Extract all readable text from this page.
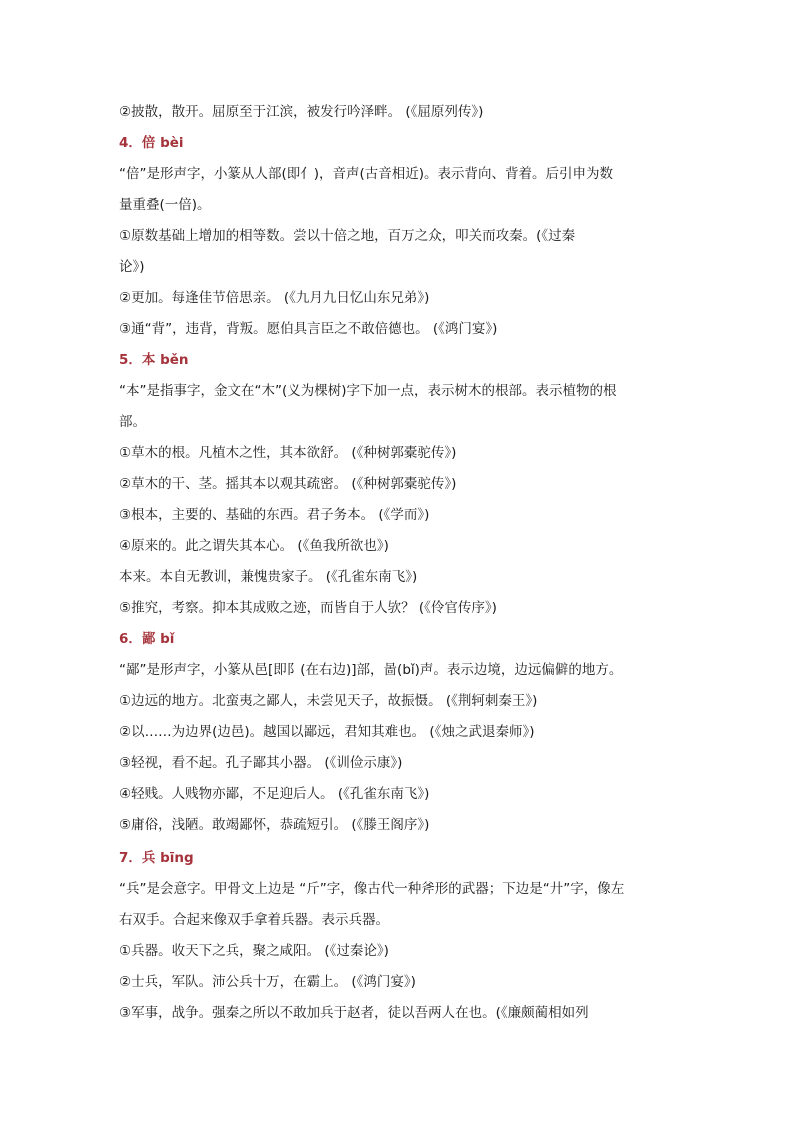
②披散，散开。屈原至于江滨，被发行吟泽畔。 (《屈原列传》)
4．倍 bèi
“倍”是形声字，小篆从人部(即亻)，音声(古音相近)。表示背向、背着。后引申为数
量重叠(一倍)。
①原数基础上增加的相等数。尝以十倍之地，百万之众，叩关而攻秦。(《过秦
论》)
②更加。每逢佳节倍思亲。 (《九月九日忆山东兄弟》)
③通“背”，违背，背叛。愿伯具言臣之不敢倍德也。 (《鸿门宴》)
5．本 běn
“本”是指事字，金文在“木”(义为棵树)字下加一点，表示树木的根部。表示植物的根
部。
①草木的根。凡植木之性，其本欲舒。 (《种树郭橐驼传》)
②草木的干、茎。摇其本以观其疏密。 (《种树郭橐驼传》)
③根本，主要的、基础的东西。君子务本。 (《学而》)
④原来的。此之谓失其本心。 (《鱼我所欲也》)
本来。本自无教训，兼愧贵家子。 (《孔雀东南飞》)
⑤推究，考察。抑本其成败之迹，而皆自于人欤？ (《伶官传序》)
6．鄙 bǐ
“鄙”是形声字，小篆从邑[即阝(在右边)]部，啚(bǐ)声。表示边境，边远偏僻的地方。
①边远的地方。北蛮夷之鄙人，未尝见天子，故振慑。 (《荆轲刺秦王》)
②以……为边界(边邑)。越国以鄙远，君知其难也。 (《烛之武退秦师》)
③轻视，看不起。孔子鄙其小器。 (《训俭示康》)
④轻贱。人贱物亦鄙，不足迎后人。 (《孔雀东南飞》)
⑤庸俗，浅陋。敢竭鄙怀，恭疏短引。 (《滕王阁序》)
7．兵 bīng
“兵”是会意字。甲骨文上边是 “斤”字，像古代一种斧形的武器；下边是“廾”字，像左
右双手。合起来像双手拿着兵器。表示兵器。
①兵器。收天下之兵，聚之咸阳。 (《过秦论》)
②士兵，军队。沛公兵十万，在霸上。 (《鸿门宴》)
③军事，战争。强秦之所以不敢加兵于赵者，徒以吾两人在也。(《廉颇蔺相如列
